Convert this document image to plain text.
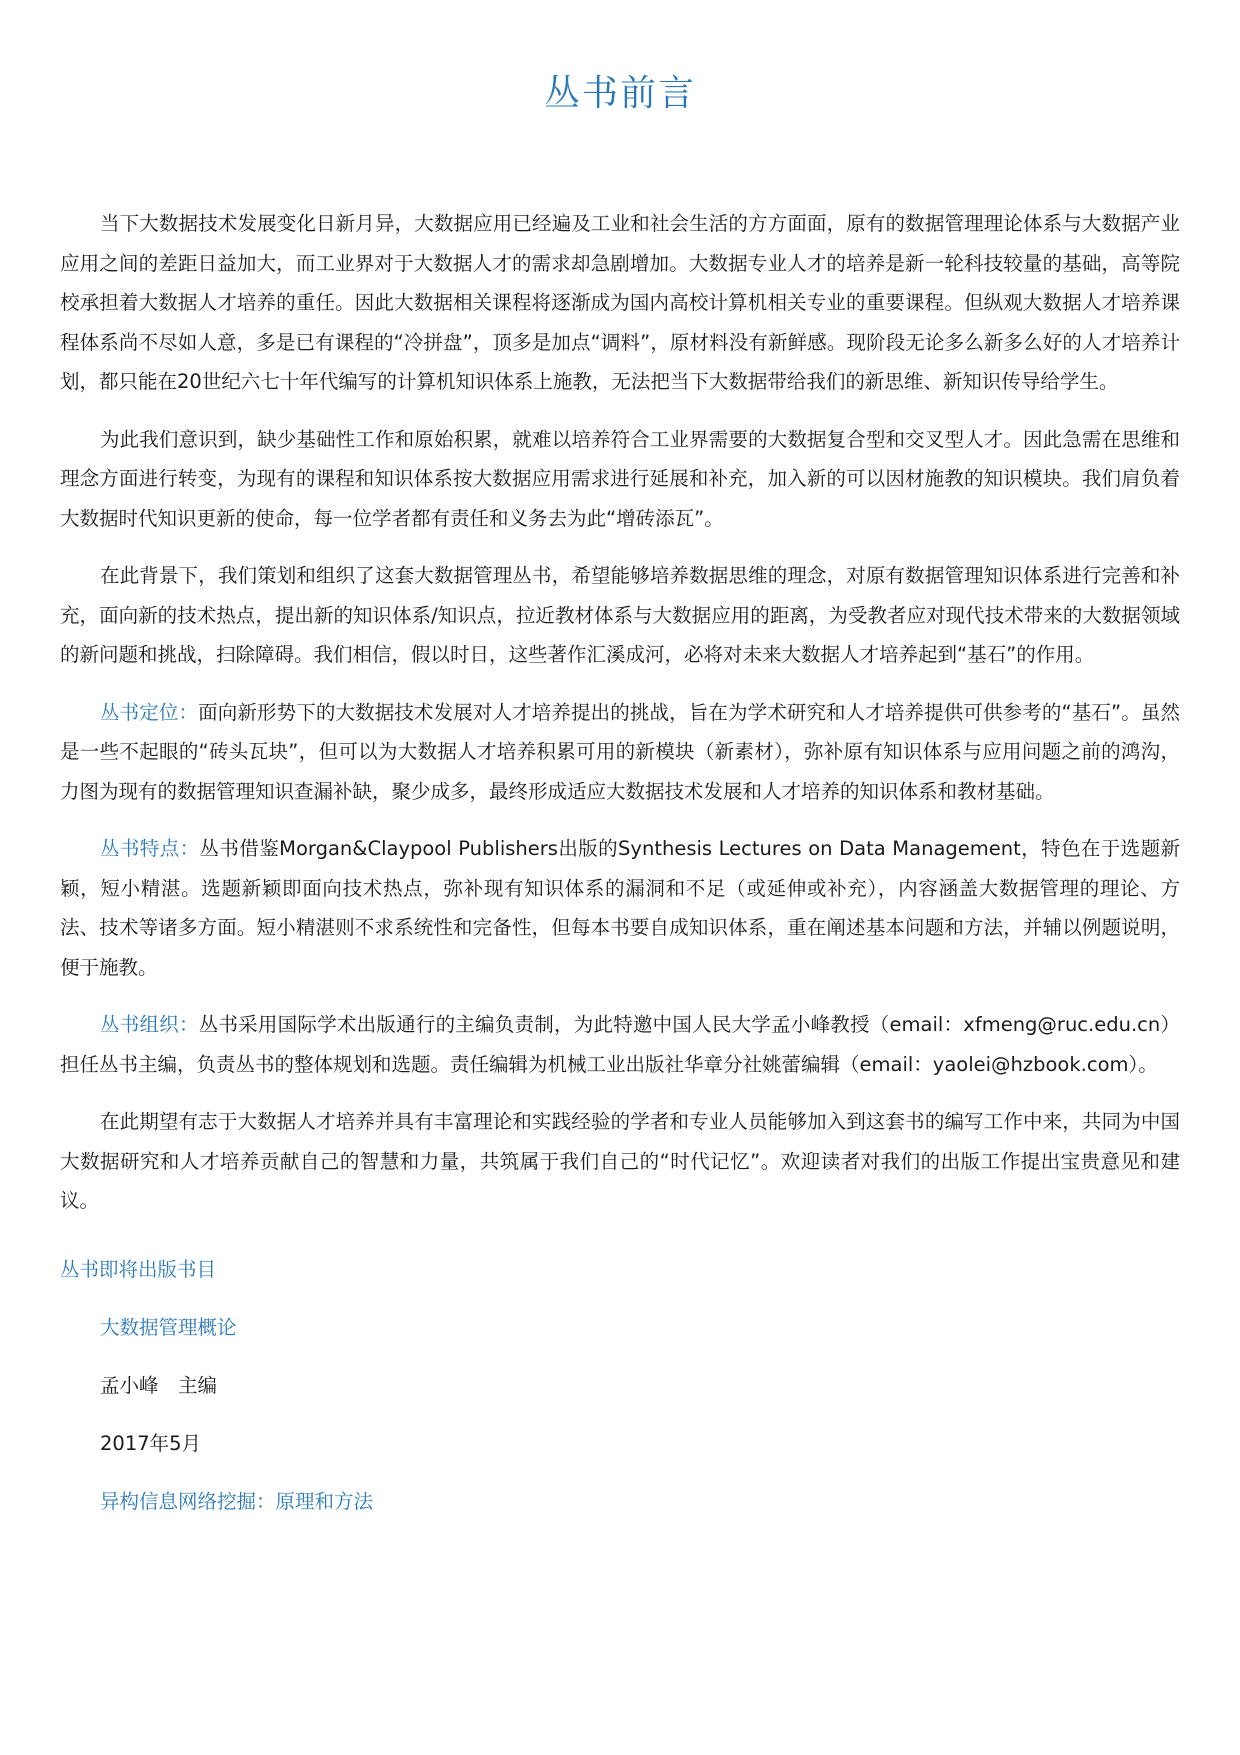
丛书前言

当下大数据技术发展变化日新月异，大数据应用已经遍及工业和社会生活的方方面面，原有的数据管理理论体系与大数据产业应用之间的差距日益加大，而工业界对于大数据人才的需求却急剧增加。大数据专业人才的培养是新一轮科技较量的基础，高等院校承担着大数据人才培养的重任。因此大数据相关课程将逐渐成为国内高校计算机相关专业的重要课程。但纵观大数据人才培养课程体系尚不尽如人意，多是已有课程的“冷拼盘”，顶多是加点“调料”，原材料没有新鲜感。现阶段无论多么新多么好的人才培养计划，都只能在20世纪六七十年代编写的计算机知识体系上施教，无法把当下大数据带给我们的新思维、新知识传导给学生。

为此我们意识到，缺少基础性工作和原始积累，就难以培养符合工业界需要的大数据复合型和交叉型人才。因此急需在思维和理念方面进行转变，为现有的课程和知识体系按大数据应用需求进行延展和补充，加入新的可以因材施教的知识模块。我们肩负着大数据时代知识更新的使命，每一位学者都有责任和义务去为此“增砖添瓦”。

在此背景下，我们策划和组织了这套大数据管理丛书，希望能够培养数据思维的理念，对原有数据管理知识体系进行完善和补充，面向新的技术热点，提出新的知识体系/知识点，拉近教材体系与大数据应用的距离，为受教者应对现代技术带来的大数据领域的新问题和挑战，扫除障碍。我们相信，假以时日，这些著作汇溪成河，必将对未来大数据人才培养起到“基石”的作用。

丛书定位：面向新形势下的大数据技术发展对人才培养提出的挑战，旨在为学术研究和人才培养提供可供参考的“基石”。虽然是一些不起眼的“砖头瓦块”，但可以为大数据人才培养积累可用的新模块（新素材），弥补原有知识体系与应用问题之前的鸿沟，力图为现有的数据管理知识查漏补缺，聚少成多，最终形成适应大数据技术发展和人才培养的知识体系和教材基础。

丛书特点：丛书借鉴Morgan&Claypool Publishers出版的Synthesis Lectures on Data Management，特色在于选题新颖，短小精湛。选题新颖即面向技术热点，弥补现有知识体系的漏洞和不足（或延伸或补充），内容涵盖大数据管理的理论、方法、技术等诸多方面。短小精湛则不求系统性和完备性，但每本书要自成知识体系，重在阐述基本问题和方法，并辅以例题说明，便于施教。

丛书组织：丛书采用国际学术出版通行的主编负责制，为此特邀中国人民大学孟小峰教授（email：xfmeng@ruc.edu.cn）担任丛书主编，负责丛书的整体规划和选题。责任编辑为机械工业出版社华章分社姚蕾编辑（email：yaolei@hzbook.com）。

在此期望有志于大数据人才培养并具有丰富理论和实践经验的学者和专业人员能够加入到这套书的编写工作中来，共同为中国大数据研究和人才培养贡献自己的智慧和力量，共筑属于我们自己的“时代记忆”。欢迎读者对我们的出版工作提出宝贵意见和建议。

丛书即将出版书目
大数据管理概论
孟小峰　主编
2017年5月
异构信息网络挖掘：原理和方法
